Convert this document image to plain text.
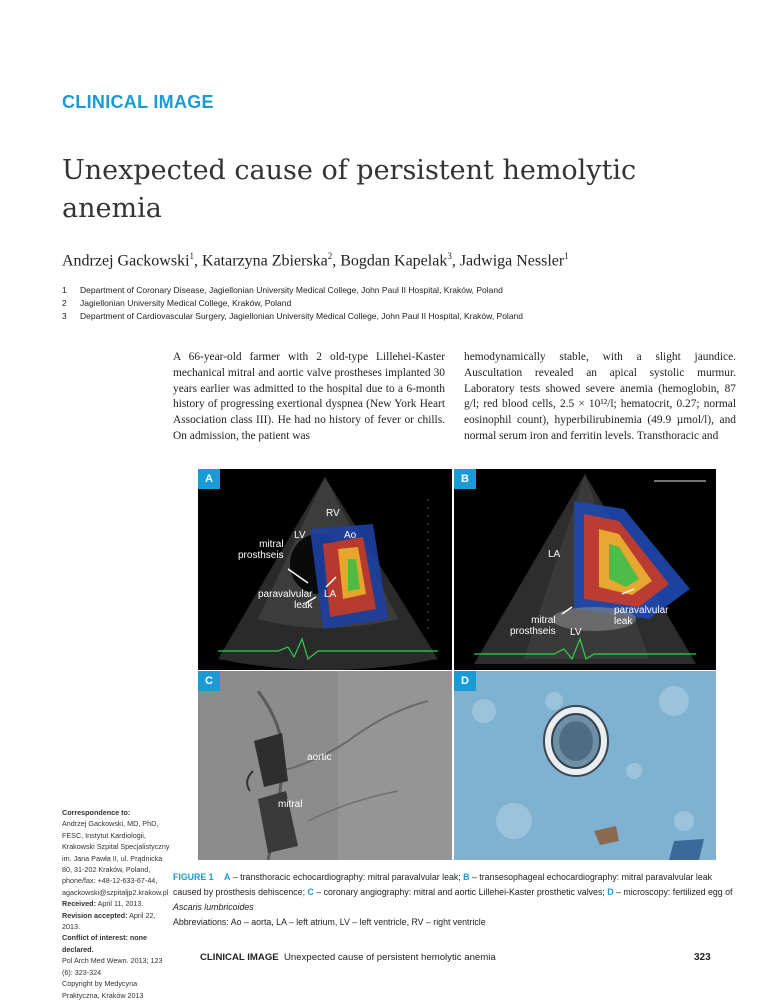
CLINICAL IMAGE
Unexpected cause of persistent hemolytic anemia
Andrzej Gackowski$^1$, Katarzyna Zbierska$^2$, Bogdan Kapelak$^3$, Jadwiga Nessler$^1$
1	Department of Coronary Disease, Jagiellonian University Medical College, John Paul II Hospital, Kraków, Poland
2	Jagiellonian University Medical College, Kraków, Poland
3	Department of Cardiovascular Surgery, Jagiellonian University Medical College, John Paul II Hospital, Kraków, Poland
A 66-year-old farmer with 2 old-type Lillehei-Kaster mechanical mitral and aortic valve prostheses implanted 30 years earlier was admitted to the hospital due to a 6-month history of progressing exertional dyspnea (New York Heart Association class III). He had no history of fever or chills. On admission, the patient was
hemodynamically stable, with a slight jaundice. Auscultation revealed an apical systolic murmur. Laboratory tests showed severe anemia (hemoglobin, 87 g/l; red blood cells, 2.5 × 10¹²/l; hematocrit, 0.27; normal eosinophil count), hyperbilirubinemia (49.9 µmol/l), and normal serum iron and ferritin levels. Transthoracic and
A
RV
LV	Ao
mitral
prosthseis
paravalvular
leak
LA
B
LA
mitral
prosthseis LV
paravalvular
leak
C
aortic
mitral
D
Correspondence to:
Andrzej Gackowski, MD, PhD, FESC, Instytut Kardiologii, Krakowski Szpital Specjalistyczny im. Jana Pawła II, ul. Prądnicka 80, 31-202 Kraków, Poland, phone/fax: +48-12-633-67-44, agackowski@szpitaljp2.krakow.pl
Received: April 11, 2013.
Revision accepted: April 22, 2013.
Conflict of interest: none declared.
Pol Arch Med Wewn. 2013; 123 (6): 323-324
Copyright by Medycyna Praktyczna, Kraków 2013
FIGURE 1 A – transthoracic echocardiography: mitral paravalvular leak; B – transesophageal echocardiography: mitral paravalvular leak caused by prosthesis dehiscence; C – coronary angiography: mitral and aortic Lillehei-Kaster prosthetic valves; D – microscopy: fertilized egg of Ascaris lumbricoides
Abbreviations: Ao – aorta, LA – left atrium, LV – left ventricle, RV – right ventricle
CLINICAL IMAGE Unexpected cause of persistent hemolytic anemia	323
